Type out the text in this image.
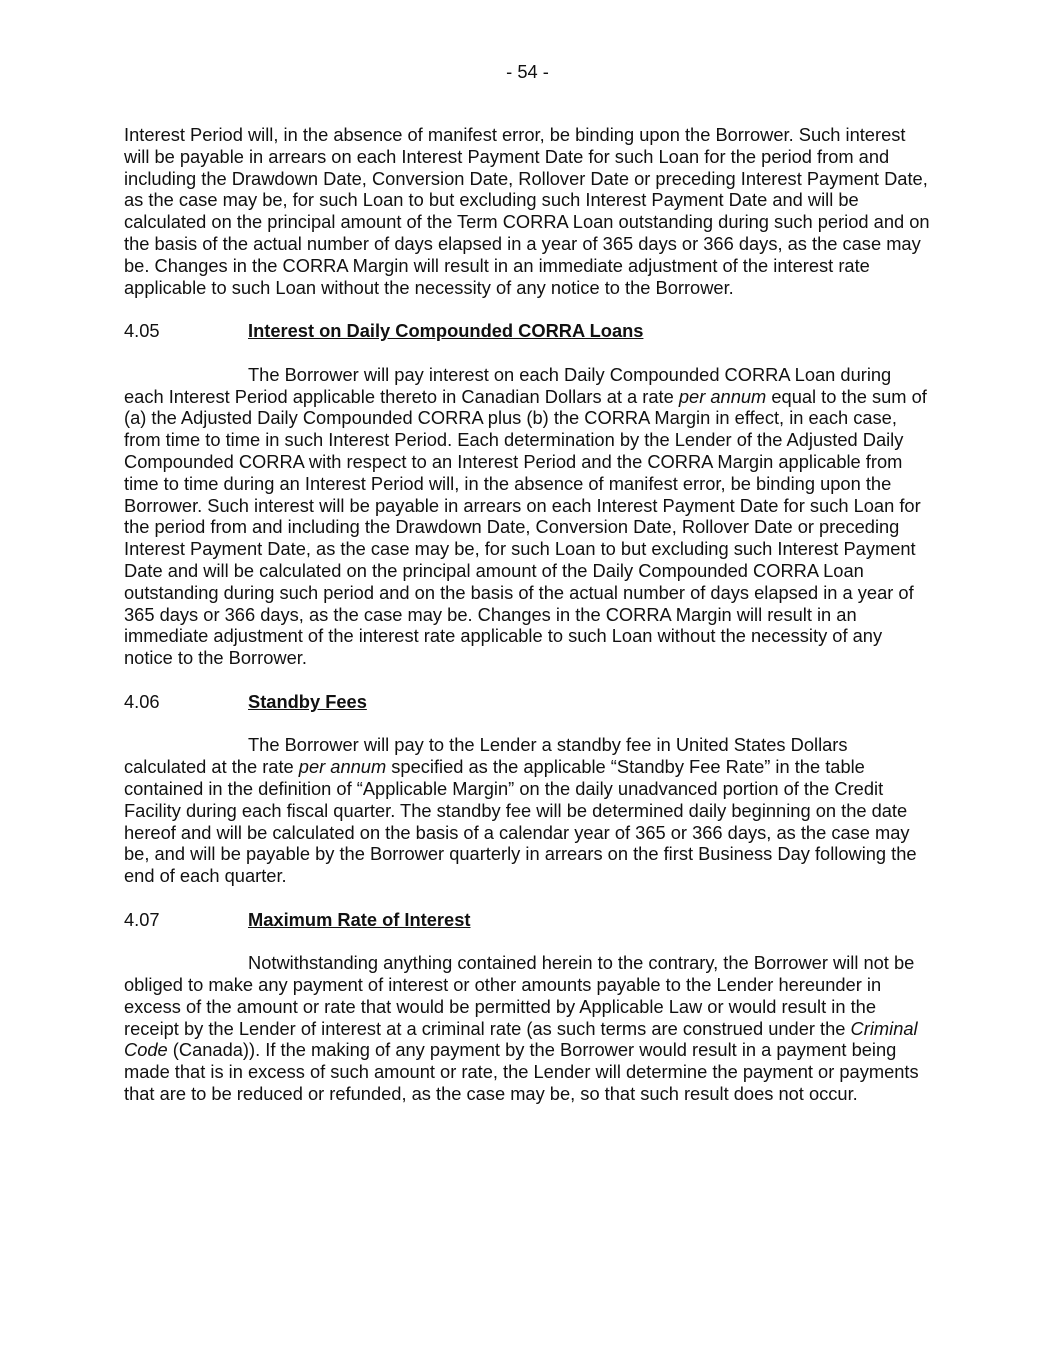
- 54 -

Interest Period will, in the absence of manifest error, be binding upon the Borrower. Such interest will be payable in arrears on each Interest Payment Date for such Loan for the period from and including the Drawdown Date, Conversion Date, Rollover Date or preceding Interest Payment Date, as the case may be, for such Loan to but excluding such Interest Payment Date and will be calculated on the principal amount of the Term CORRA Loan outstanding during such period and on the basis of the actual number of days elapsed in a year of 365 days or 366 days, as the case may be. Changes in the CORRA Margin will result in an immediate adjustment of the interest rate applicable to such Loan without the necessity of any notice to the Borrower.

4.05	Interest on Daily Compounded CORRA Loans

The Borrower will pay interest on each Daily Compounded CORRA Loan during each Interest Period applicable thereto in Canadian Dollars at a rate per annum equal to the sum of (a) the Adjusted Daily Compounded CORRA plus (b) the CORRA Margin in effect, in each case, from time to time in such Interest Period. Each determination by the Lender of the Adjusted Daily Compounded CORRA with respect to an Interest Period and the CORRA Margin applicable from time to time during an Interest Period will, in the absence of manifest error, be binding upon the Borrower. Such interest will be payable in arrears on each Interest Payment Date for such Loan for the period from and including the Drawdown Date, Conversion Date, Rollover Date or preceding Interest Payment Date, as the case may be, for such Loan to but excluding such Interest Payment Date and will be calculated on the principal amount of the Daily Compounded CORRA Loan outstanding during such period and on the basis of the actual number of days elapsed in a year of 365 days or 366 days, as the case may be. Changes in the CORRA Margin will result in an immediate adjustment of the interest rate applicable to such Loan without the necessity of any notice to the Borrower.

4.06	Standby Fees

The Borrower will pay to the Lender a standby fee in United States Dollars calculated at the rate per annum specified as the applicable “Standby Fee Rate” in the table contained in the definition of “Applicable Margin” on the daily unadvanced portion of the Credit Facility during each fiscal quarter. The standby fee will be determined daily beginning on the date hereof and will be calculated on the basis of a calendar year of 365 or 366 days, as the case may be, and will be payable by the Borrower quarterly in arrears on the first Business Day following the end of each quarter.

4.07	Maximum Rate of Interest

Notwithstanding anything contained herein to the contrary, the Borrower will not be obliged to make any payment of interest or other amounts payable to the Lender hereunder in excess of the amount or rate that would be permitted by Applicable Law or would result in the receipt by the Lender of interest at a criminal rate (as such terms are construed under the Criminal Code (Canada)). If the making of any payment by the Borrower would result in a payment being made that is in excess of such amount or rate, the Lender will determine the payment or payments that are to be reduced or refunded, as the case may be, so that such result does not occur.
